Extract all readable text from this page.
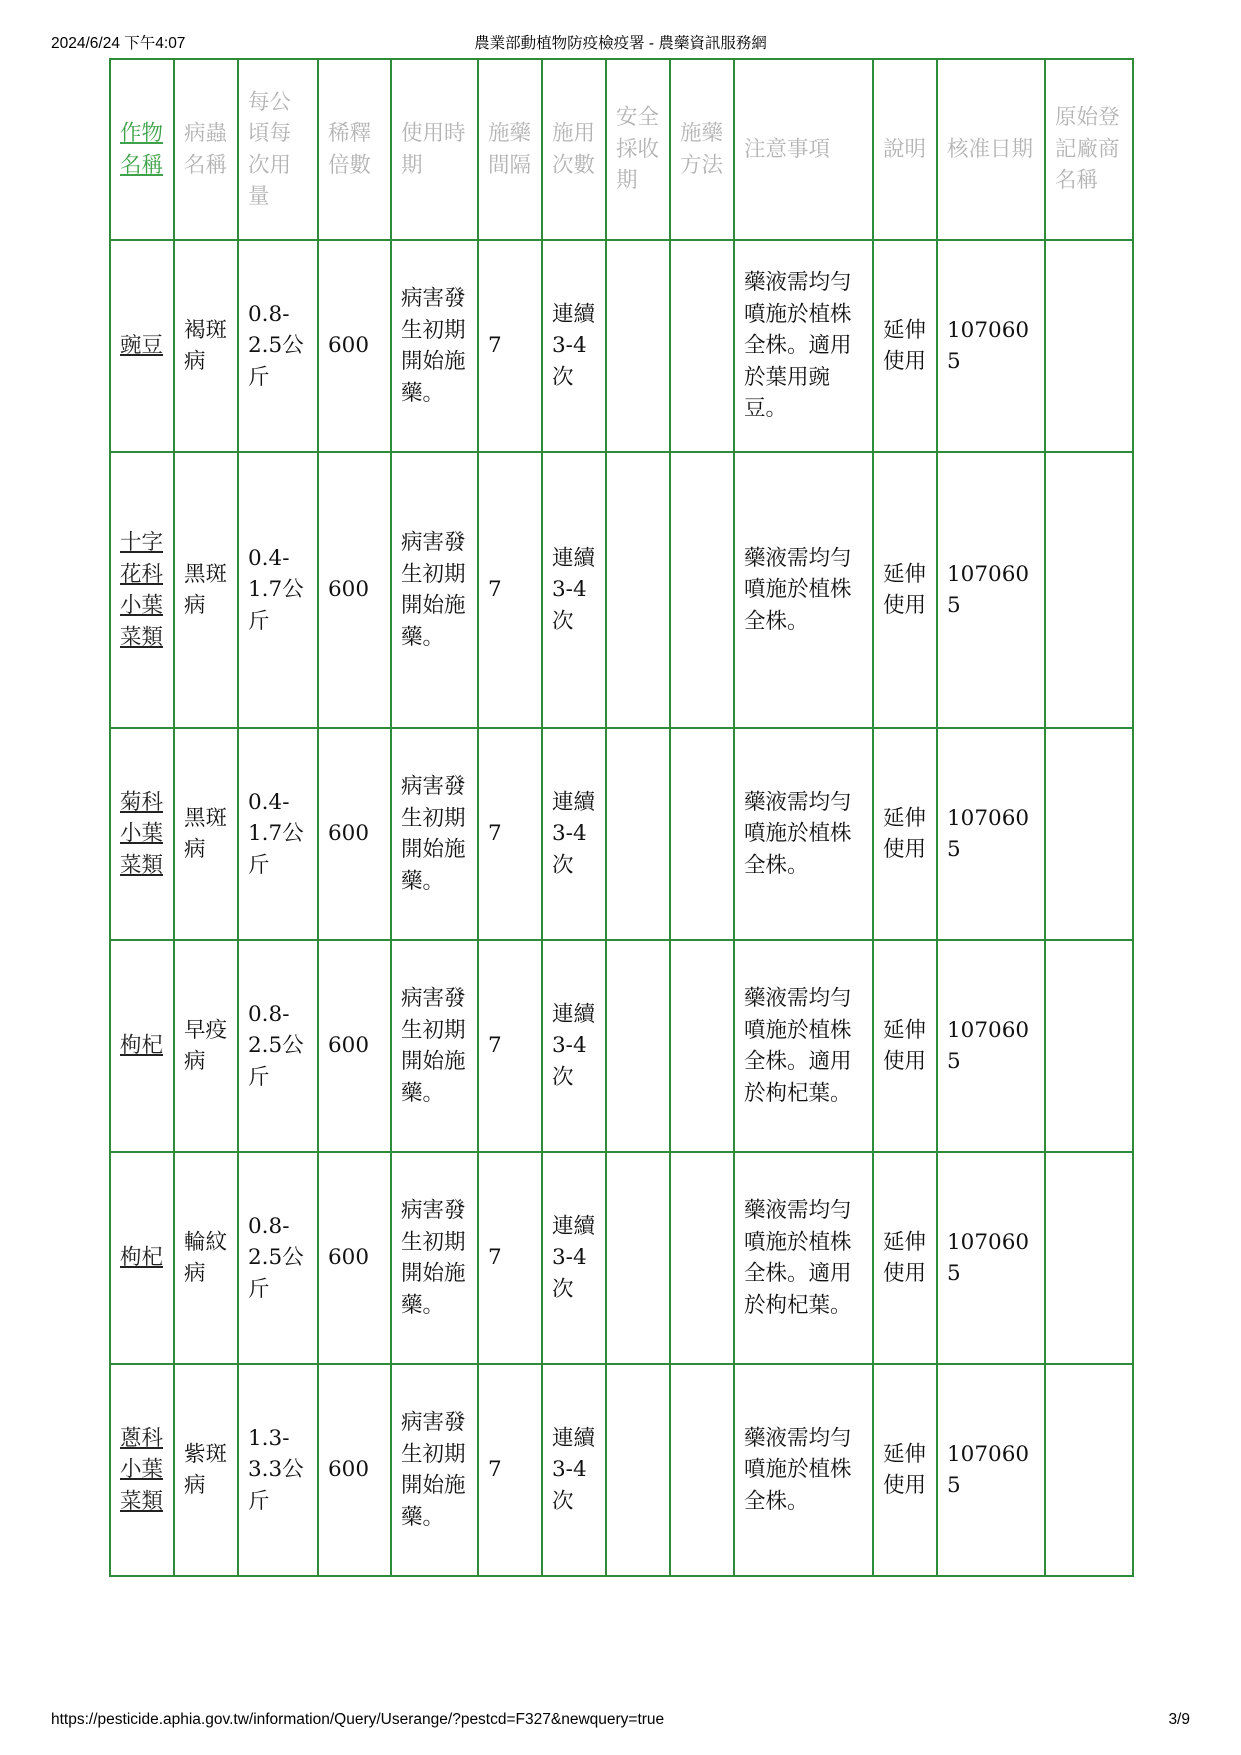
2024/6/24 下午4:07	農業部動植物防疫檢疫署 - 農藥資訊服務網
作物名稱	病蟲名稱	每公頃每次用量	稀釋倍數	使用時期	施藥間隔	施用次數	安全採收期	施藥方法	注意事項	說明	核准日期	原始登記廠商名稱
豌豆	褐斑病	0.8-2.5公斤	600	病害發生初期開始施藥。	7	連續3-4次			藥液需均勻噴施於植株全株。適用於葉用豌豆。	延伸使用	1070605	
十字花科小葉菜類	黑斑病	0.4-1.7公斤	600	病害發生初期開始施藥。	7	連續3-4次			藥液需均勻噴施於植株全株。	延伸使用	1070605	
菊科小葉菜類	黑斑病	0.4-1.7公斤	600	病害發生初期開始施藥。	7	連續3-4次			藥液需均勻噴施於植株全株。	延伸使用	1070605	
枸杞	早疫病	0.8-2.5公斤	600	病害發生初期開始施藥。	7	連續3-4次			藥液需均勻噴施於植株全株。適用於枸杞葉。	延伸使用	1070605	
枸杞	輪紋病	0.8-2.5公斤	600	病害發生初期開始施藥。	7	連續3-4次			藥液需均勻噴施於植株全株。適用於枸杞葉。	延伸使用	1070605	
蔥科小葉菜類	紫斑病	1.3-3.3公斤	600	病害發生初期開始施藥。	7	連續3-4次			藥液需均勻噴施於植株全株。	延伸使用	1070605	
https://pesticide.aphia.gov.tw/information/Query/Userange/?pestcd=F327&newquery=true	3/9
